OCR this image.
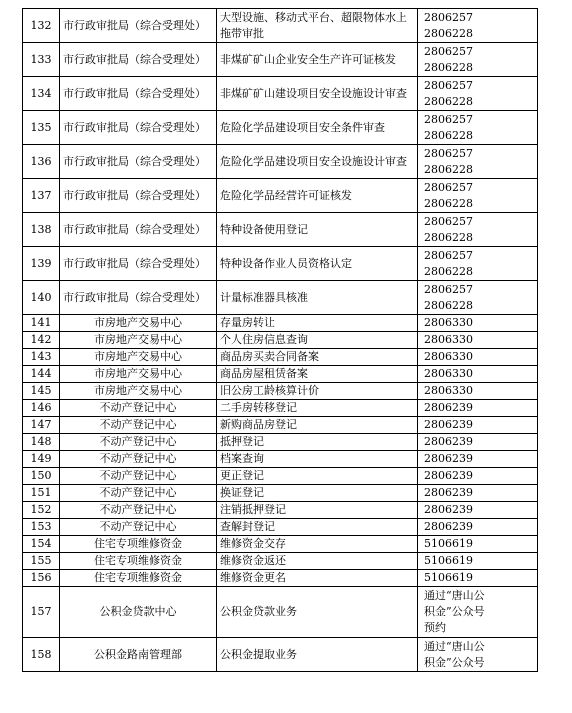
132	市行政审批局（综合受理处）	大型设施、移动式平台、超限物体水上拖带审批	2806257
2806228

133	市行政审批局（综合受理处）	非煤矿矿山企业安全生产许可证核发	2806257
2806228

134	市行政审批局（综合受理处）	非煤矿矿山建设项目安全设施设计审查	2806257
2806228

135	市行政审批局（综合受理处）	危险化学品建设项目安全条件审查	2806257
2806228

136	市行政审批局（综合受理处）	危险化学品建设项目安全设施设计审查	2806257
2806228

137	市行政审批局（综合受理处）	危险化学品经营许可证核发	2806257
2806228

138	市行政审批局（综合受理处）	特种设备使用登记	2806257
2806228

139	市行政审批局（综合受理处）	特种设备作业人员资格认定	2806257
2806228

140	市行政审批局（综合受理处）	计量标准器具核准	2806257
2806228

141	市房地产交易中心	存量房转让	2806330

142	市房地产交易中心	个人住房信息查询	2806330

143	市房地产交易中心	商品房买卖合同备案	2806330

144	市房地产交易中心	商品房屋租赁备案	2806330

145	市房地产交易中心	旧公房工龄核算计价	2806330

146	不动产登记中心	二手房转移登记	2806239

147	不动产登记中心	新购商品房登记	2806239

148	不动产登记中心	抵押登记	2806239

149	不动产登记中心	档案查询	2806239

150	不动产登记中心	更正登记	2806239

151	不动产登记中心	换证登记	2806239

152	不动产登记中心	注销抵押登记	2806239

153	不动产登记中心	查解封登记	2806239

154	住宅专项维修资金	维修资金交存	5106619

155	住宅专项维修资金	维修资金返还	5106619

156	住宅专项维修资金	维修资金更名	5106619

157	公积金贷款中心	公积金贷款业务	通过“唐山公
积金”公众号
预约

158	公积金路南管理部	公积金提取业务	通过“唐山公
积金”公众号
